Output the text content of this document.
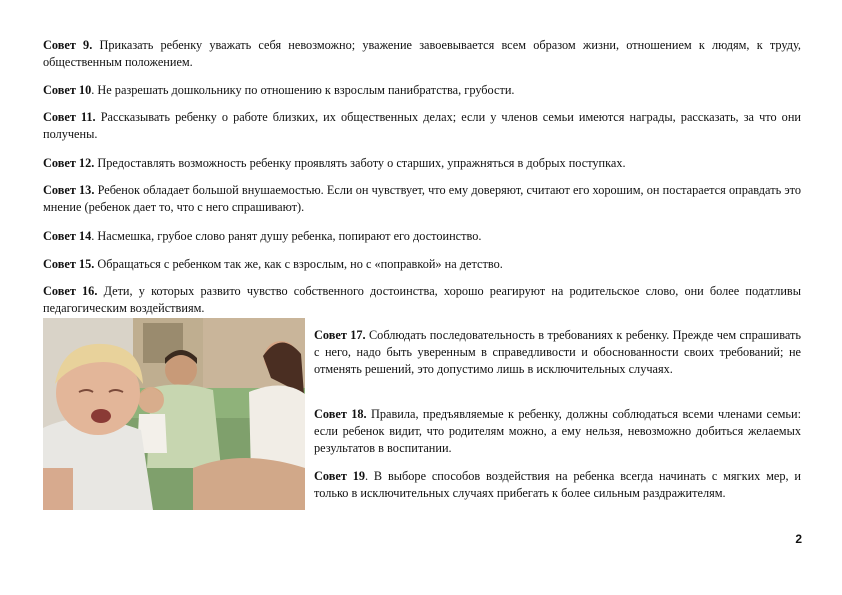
Совет 9. Приказать ребенку уважать себя невозможно; уважение завоевывается всем образом жизни, отношением к людям, к труду, общественным положением.

Совет 10. Не разрешать дошкольнику по отношению к взрослым панибратства, грубости.

Совет 11. Рассказывать ребенку о работе близких, их общественных делах; если у членов семьи имеются награды, рассказать, за что они получены.

Совет 12. Предоставлять возможность ребенку проявлять заботу о старших, упражняться в добрых поступках.

Совет 13. Ребенок обладает большой внушаемостью. Если он чувствует, что ему доверяют, считают его хорошим, он постарается оправдать это мнение (ребенок дает то, что с него спрашивают).

Совет 14. Насмешка, грубое слово ранят душу ребенка, попирают его достоинство.

Совет 15. Обращаться с ребенком так же, как с взрослым, но с «поправкой» на детство.

Совет 16. Дети, у которых развито чувство собственного достоинства, хорошо реагируют на родительское слово, они более податливы педагогическим воздействиям.

Совет 17. Соблюдать последовательность в требованиях к ребенку. Прежде чем спрашивать с него, надо быть уверенным в справедливости и обоснованности своих требований; не отменять решений, это допустимо лишь в исключительных случаях.

Совет 18. Правила, предъявляемые к ребенку, должны соблюдаться всеми членами семьи: если ребенок видит, что родителям можно, а ему нельзя, невозможно добиться желаемых результатов в воспитании.

Совет 19. В выборе способов воздействия на ребенка всегда начинать с мягких мер, и только в исключительных случаях прибегать к более сильным раздражителям.

2
